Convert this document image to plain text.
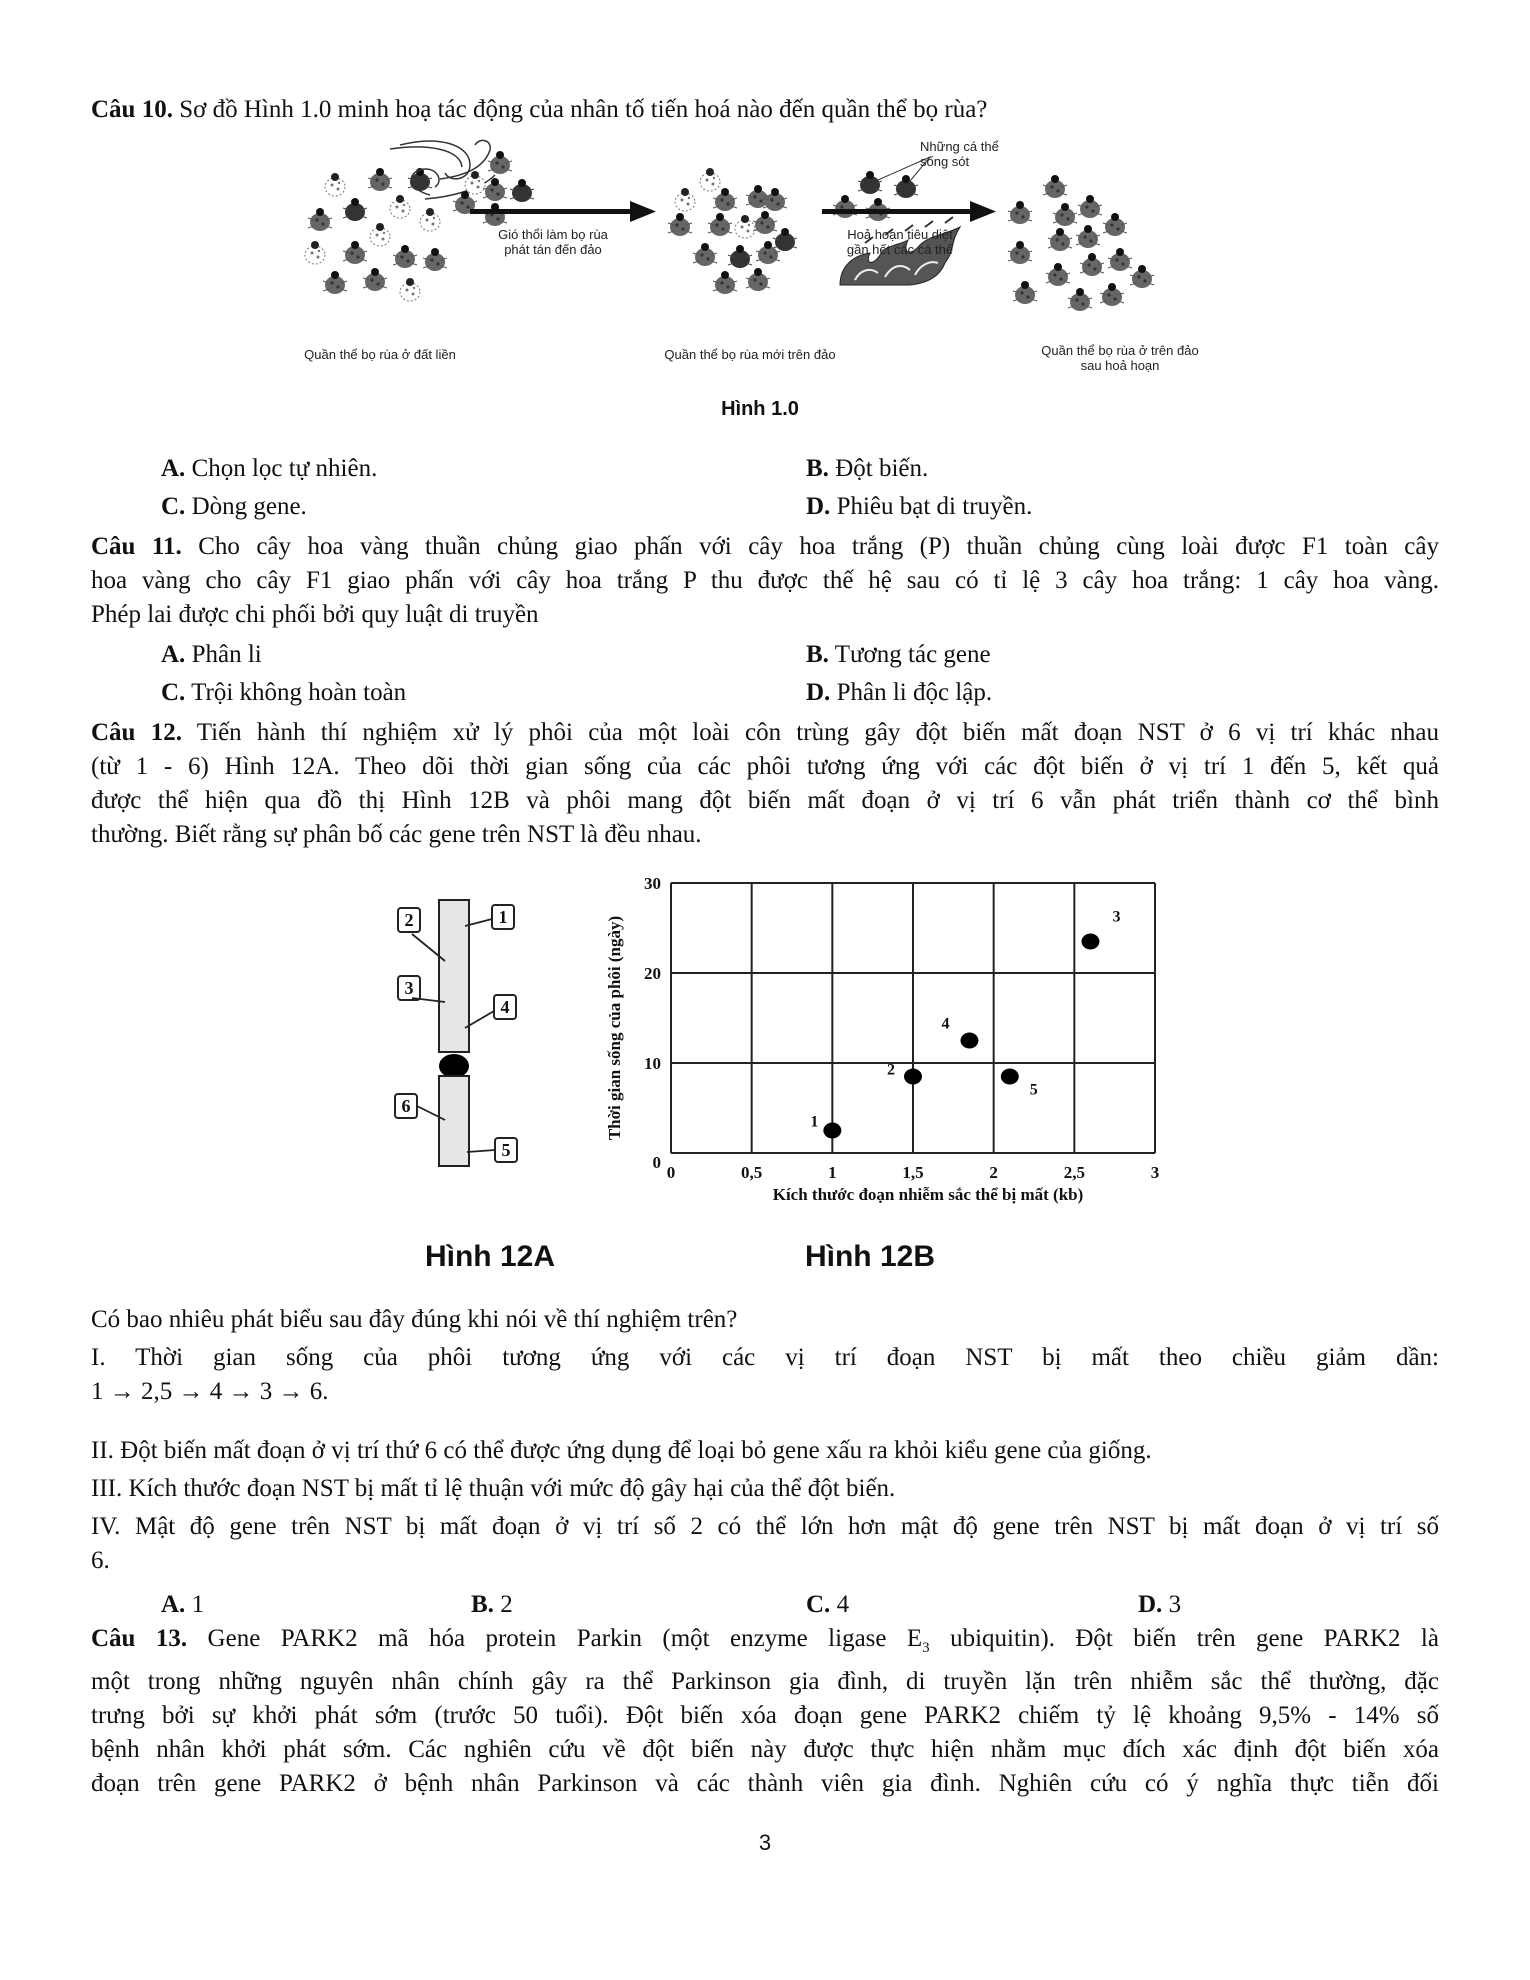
Câu 10. Sơ đồ Hình 1.0 minh hoạ tác động của nhân tố tiến hoá nào đến quần thể bọ rùa?
Gió thổi làm bọ rùa
phát tán đến đảo
Hoả hoạn tiêu diệt
gần hết các cá thể
Những cá thể
sống sót
Quần thể bọ rùa ở đất liền	Quần thể bọ rùa mới trên đảo	Quần thể bọ rùa ở trên đảo
sau hoả hoạn
Hình 1.0
A. Chọn lọc tự nhiên.	B. Đột biến.
C. Dòng gene.	D. Phiêu bạt di truyền.
Câu 11. Cho cây hoa vàng thuần chủng giao phấn với cây hoa trắng (P) thuần chủng cùng loài được F1 toàn cây
hoa vàng cho cây F1 giao phấn với cây hoa trắng P thu được thế hệ sau có tỉ lệ 3 cây hoa trắng: 1 cây hoa vàng.
Phép lai được chi phối bởi quy luật di truyền
A. Phân li	B. Tương tác gene
C. Trội không hoàn toàn	D. Phân li độc lập.
Câu 12. Tiến hành thí nghiệm xử lý phôi của một loài côn trùng gây đột biến mất đoạn NST ở 6 vị trí khác nhau
(từ 1 - 6) Hình 12A. Theo dõi thời gian sống của các phôi tương ứng với các đột biến ở vị trí 1 đến 5, kết quả
được thể hiện qua đồ thị Hình 12B và phôi mang đột biến mất đoạn ở vị trí 6 vẫn phát triển thành cơ thể bình
thường. Biết rằng sự phân bố các gene trên NST là đều nhau.
2	1
3
4
6
5
0	0,5	1	1,5	2	2,5	3
0
10
20
30
Kích thước đoạn nhiễm sắc thể bị mất (kb)
Thời gian sống của phôi (ngày)	1
2
3
4
5
Hình 12A	Hình 12B
Có bao nhiêu phát biểu sau đây đúng khi nói về thí nghiệm trên?
I. Thời gian sống của phôi tương ứng với các vị trí đoạn NST bị mất theo chiều giảm dần:
1 → 2,5 → 4 → 3 → 6.
II. Đột biến mất đoạn ở vị trí thứ 6 có thể được ứng dụng để loại bỏ gene xấu ra khỏi kiểu gene của giống.
III. Kích thước đoạn NST bị mất tỉ lệ thuận với mức độ gây hại của thể đột biến.
IV. Mật độ gene trên NST bị mất đoạn ở vị trí số 2 có thể lớn hơn mật độ gene trên NST bị mất đoạn ở vị trí số
6.
A. 1	B. 2	C. 4	D. 3
Câu 13. Gene PARK2 mã hóa protein Parkin (một enzyme ligase $E_3$ ubiquitin). Đột biến trên gene PARK2 là
một trong những nguyên nhân chính gây ra thể Parkinson gia đình, di truyền lặn trên nhiễm sắc thể thường, đặc
trưng bởi sự khởi phát sớm (trước 50 tuổi). Đột biến xóa đoạn gene PARK2 chiếm tỷ lệ khoảng 9,5% - 14% số
bệnh nhân khởi phát sớm. Các nghiên cứu về đột biến này được thực hiện nhằm mục đích xác định đột biến xóa
đoạn trên gene PARK2 ở bệnh nhân Parkinson và các thành viên gia đình. Nghiên cứu có ý nghĩa thực tiễn đối
3
